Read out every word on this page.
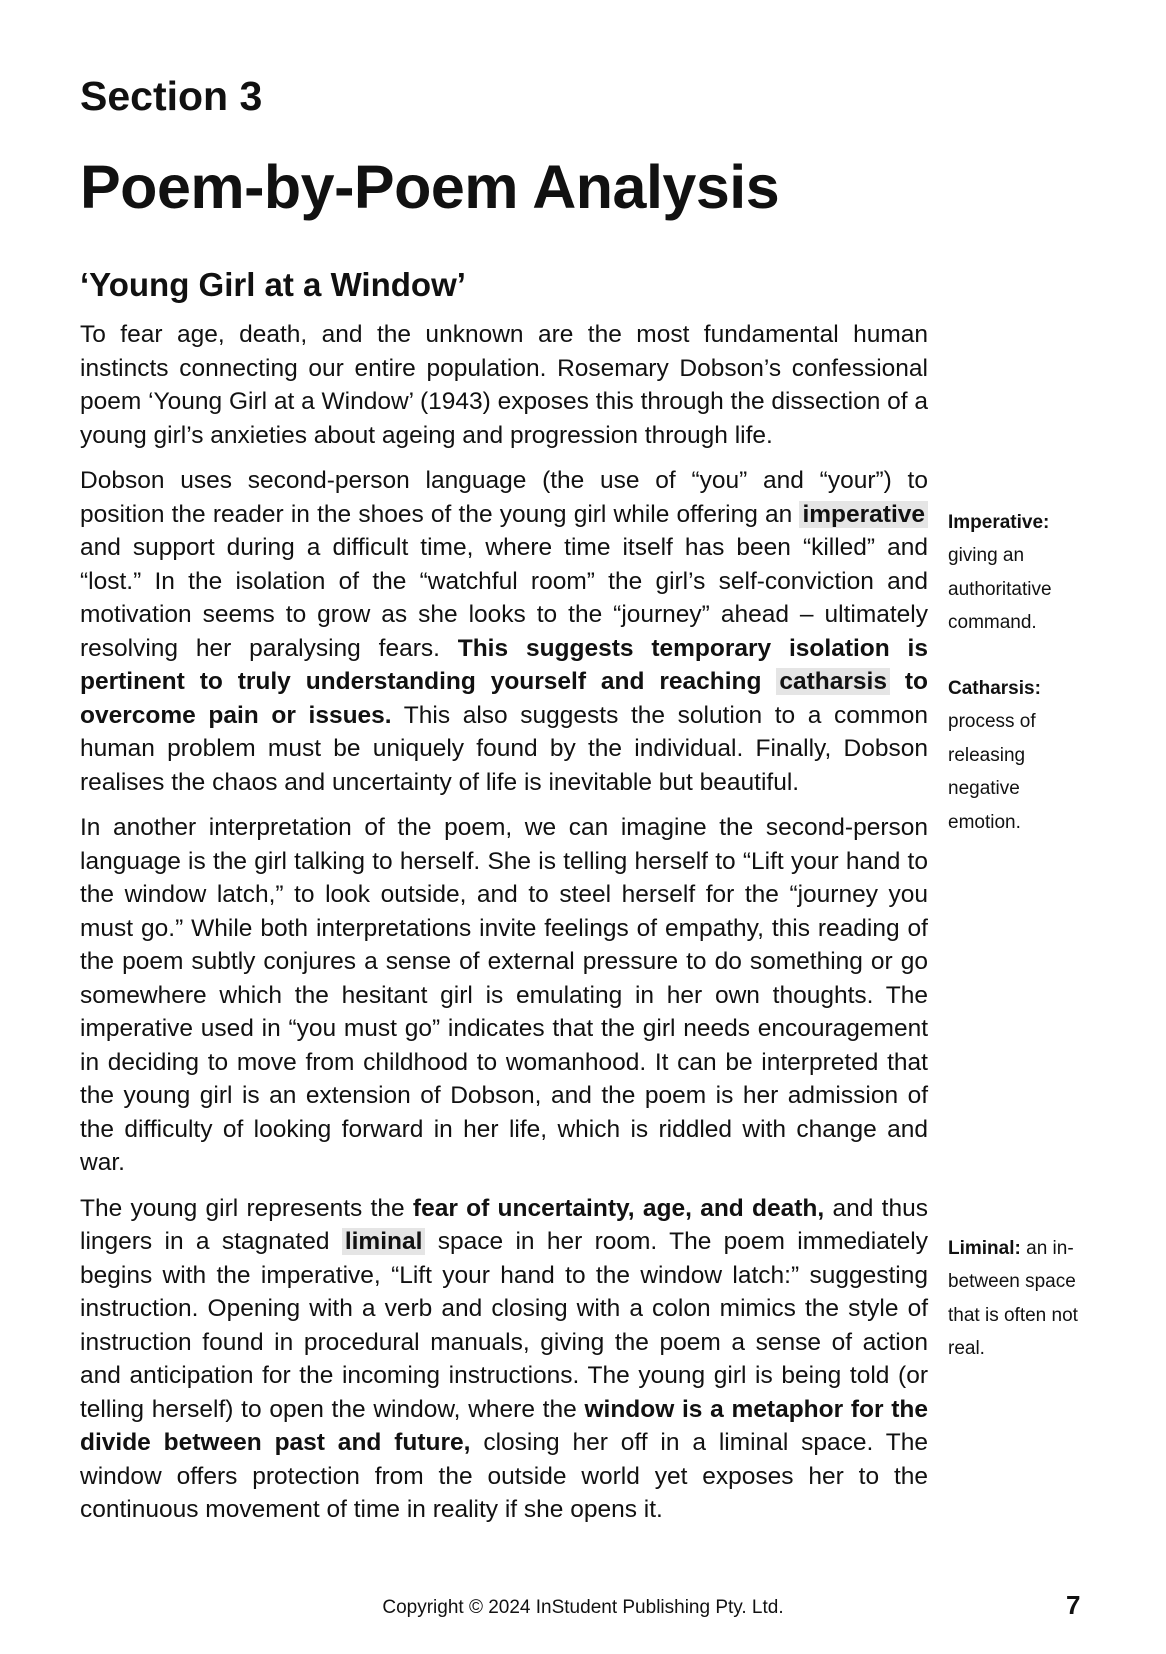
Section 3
Poem-by-Poem Analysis
‘Young Girl at a Window’

To fear age, death, and the unknown are the most fundamental human instincts connecting our entire population. Rosemary Dobson’s confessional poem ‘Young Girl at a Window’ (1943) exposes this through the dissection of a young girl’s anxieties about ageing and progression through life.

Dobson uses second-person language (the use of “you” and “your”) to position the reader in the shoes of the young girl while offering an imperative and support during a difficult time, where time itself has been “killed” and “lost.” In the isolation of the “watchful room” the girl’s self-conviction and motivation seems to grow as she looks to the “journey” ahead – ultimately resolving her paralysing fears. This suggests temporary isolation is pertinent to truly understanding yourself and reaching catharsis to overcome pain or issues. This also suggests the solution to a common human problem must be uniquely found by the individual. Finally, Dobson realises the chaos and uncertainty of life is inevitable but beautiful.

In another interpretation of the poem, we can imagine the second-person language is the girl talking to herself. She is telling herself to “Lift your hand to the window latch,” to look outside, and to steel herself for the “journey you must go.” While both interpretations invite feelings of empathy, this reading of the poem subtly conjures a sense of external pressure to do something or go somewhere which the hesitant girl is emulating in her own thoughts. The imperative used in “you must go” indicates that the girl needs encouragement in deciding to move from childhood to womanhood. It can be interpreted that the young girl is an extension of Dobson, and the poem is her admission of the difficulty of looking forward in her life, which is riddled with change and war.

The young girl represents the fear of uncertainty, age, and death, and thus lingers in a stagnated liminal space in her room. The poem immediately begins with the imperative, “Lift your hand to the window latch:” suggesting instruction. Opening with a verb and closing with a colon mimics the style of instruction found in procedural manuals, giving the poem a sense of action and anticipation for the incoming instructions. The young girl is being told (or telling herself) to open the window, where the window is a metaphor for the divide between past and future, closing her off in a liminal space. The window offers protection from the outside world yet exposes her to the continuous movement of time in reality if she opens it.

Imperative:
giving an authoritative command.

Catharsis:
process of releasing negative emotion.

Liminal: an in-between space that is often not real.

Copyright © 2024 InStudent Publishing Pty. Ltd.	7
